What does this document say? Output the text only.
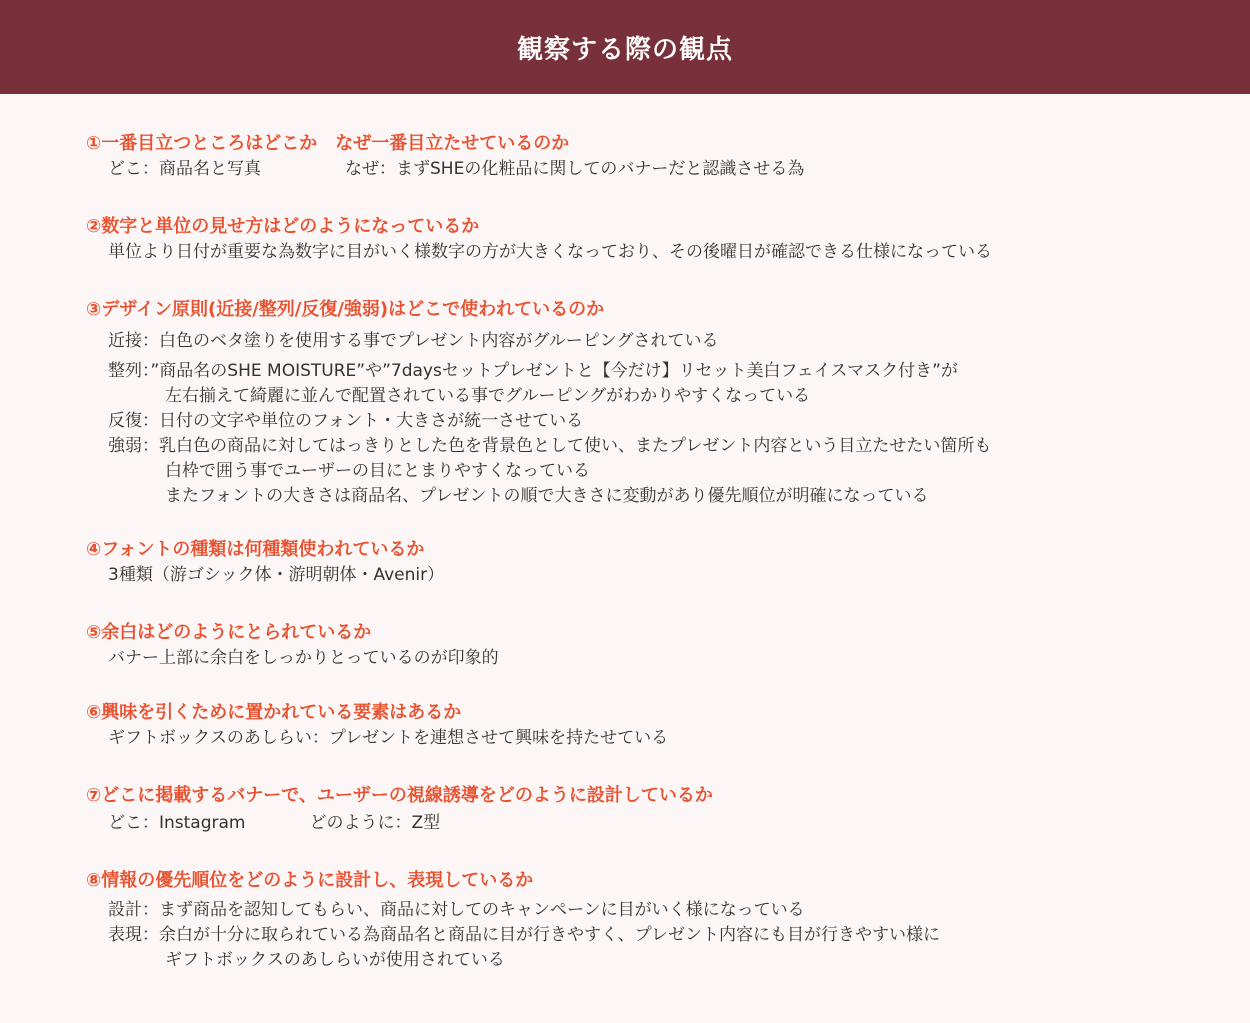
観察する際の観点
①一番目立つところはどこか　なぜ一番目立たせているのか
どこ：商品名と写真	なぜ：まずSHEの化粧品に関してのバナーだと認識させる為
②数字と単位の見せ方はどのようになっているか
単位より日付が重要な為数字に目がいく様数字の方が大きくなっており、その後曜日が確認できる仕様になっている
③デザイン原則(近接/整列/反復/強弱)はどこで使われているのか
近接：白色のベタ塗りを使用する事でプレゼント内容がグルーピングされている
整列：”商品名のSHE MOISTURE”や”7daysセットプレゼントと【今だけ】リセット美白フェイスマスク付き”が
左右揃えて綺麗に並んで配置されている事でグルーピングがわかりやすくなっている
反復：日付の文字や単位のフォント・大きさが統一させている
強弱：乳白色の商品に対してはっきりとした色を背景色として使い、またプレゼント内容という目立たせたい箇所も
白枠で囲う事でユーザーの目にとまりやすくなっている
またフォントの大きさは商品名、プレゼントの順で大きさに変動があり優先順位が明確になっている
④フォントの種類は何種類使われているか
3種類（游ゴシック体・游明朝体・Avenir）
⑤余白はどのようにとられているか
バナー上部に余白をしっかりとっているのが印象的
⑥興味を引くために置かれている要素はあるか
ギフトボックスのあしらい：プレゼントを連想させて興味を持たせている
⑦どこに掲載するバナーで、ユーザーの視線誘導をどのように設計しているか
どこ：Instagram	どのように：Z型
⑧情報の優先順位をどのように設計し、表現しているか
設計：まず商品を認知してもらい、商品に対してのキャンペーンに目がいく様になっている
表現：余白が十分に取られている為商品名と商品に目が行きやすく、プレゼント内容にも目が行きやすい様に
ギフトボックスのあしらいが使用されている
